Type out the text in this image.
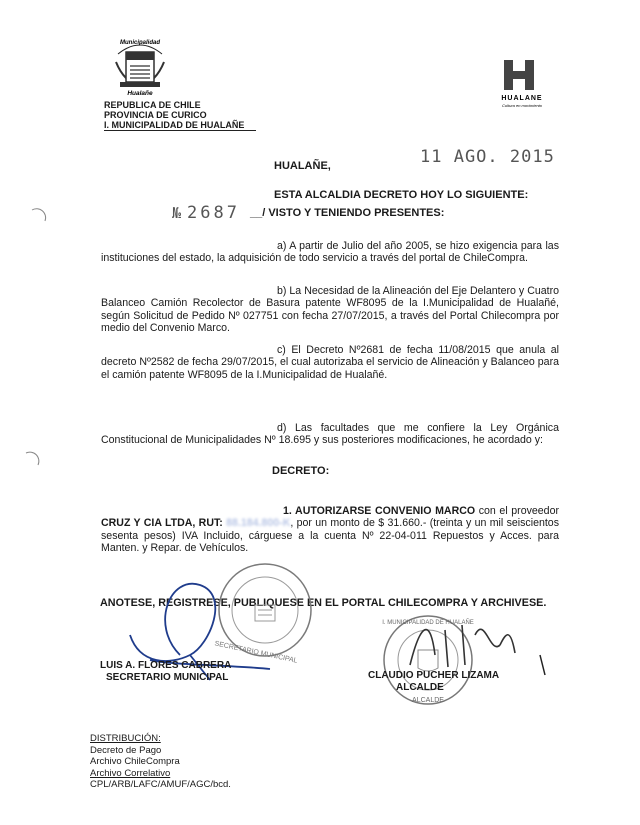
Municipalidad
Hualañe
REPUBLICA DE CHILE
PROVINCIA DE CURICO
I. MUNICIPALIDAD DE HUALAÑE
HUALANE
Cultura en movimiento
HUALAÑE,	11 AGO. 2015
ESTA ALCALDIA DECRETO HOY LO SIGUIENTE:
№ 2687 __/ VISTO Y TENIENDO PRESENTES:
a) A partir de Julio del año 2005, se hizo exigencia para las instituciones del estado, la adquisición de todo servicio a través del portal de ChileCompra.
b) La Necesidad de la Alineación del Eje Delantero y Cuatro Balanceo Camión Recolector de Basura patente WF8095 de la I.Municipalidad de Hualañé, según Solicitud de Pedido Nº 027751 con fecha 27/07/2015, a través del Portal Chilecompra por medio del Convenio Marco.
c) El Decreto Nº2681 de fecha 11/08/2015 que anula al decreto Nº2582 de fecha 29/07/2015, el cual autorizaba el servicio de Alineación y Balanceo para el camión patente WF8095 de la I.Municipalidad de Hualañé.
d) Las facultades que me confiere la Ley Orgánica Constitucional de Municipalidades Nº 18.695 y sus posteriores modificaciones, he acordado y:
DECRETO:
1. AUTORIZARSE CONVENIO MARCO con el proveedor CRUZ Y CIA LTDA, RUT: 88.184.800-K, por un monto de $ 31.660.- (treinta y un mil seiscientos sesenta pesos) IVA Incluido, cárguese a la cuenta Nº 22-04-011 Repuestos y Acces. para Manten. y Repar. de Vehículos.
ANOTESE, REGISTRESE, PUBLIQUESE EN EL PORTAL CHILECOMPRA Y ARCHIVESE.
SECRETARIO MUNICIPAL
I. MUNICIPALIDAD DE HUALAÑE
ALCALDE
LUIS A. FLORES CABRERA
SECRETARIO MUNICIPAL	CLAUDIO PUCHER LIZAMA
ALCALDE
DISTRIBUCIÓN:
Decreto de Pago
Archivo ChileCompra
Archivo Correlativo
CPL/ARB/LAFC/AMUF/AGC/bcd.
